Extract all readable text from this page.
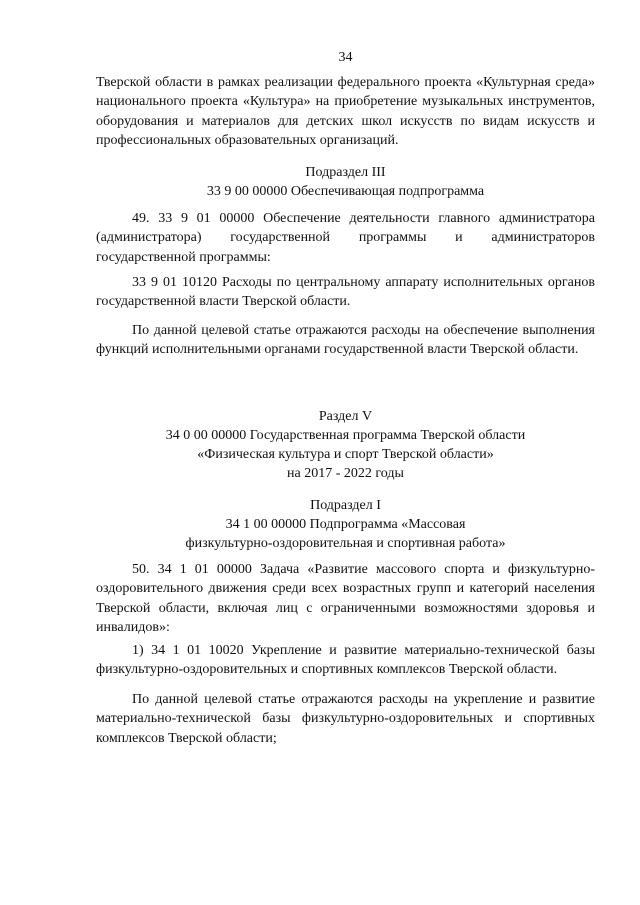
34

Тверской области в рамках реализации федерального проекта «Культурная среда» национального проекта «Культура» на приобретение музыкальных инструментов, оборудования и материалов для детских школ искусств по видам искусств и профессиональных образовательных организаций.

Подраздел III

33 9 00 00000 Обеспечивающая подпрограмма

49. 33 9 01 00000 Обеспечение деятельности главного администратора (администратора) государственной программы и администраторов государственной программы:

33 9 01 10120 Расходы по центральному аппарату исполнительных органов государственной власти Тверской области.

По данной целевой статье отражаются расходы на обеспечение выполнения функций исполнительными органами государственной власти Тверской области.

Раздел V

34 0 00 00000 Государственная программа Тверской области

«Физическая культура и спорт Тверской области»

на 2017 - 2022 годы

Подраздел I

34 1 00 00000 Подпрограмма «Массовая

физкультурно-оздоровительная и спортивная работа»

50. 34 1 01 00000 Задача «Развитие массового спорта и физкультурно-оздоровительного движения среди всех возрастных групп и категорий населения Тверской области, включая лиц с ограниченными возможностями здоровья и инвалидов»:

1) 34 1 01 10020 Укрепление и развитие материально-технической базы физкультурно-оздоровительных и спортивных комплексов Тверской области.

По данной целевой статье отражаются расходы на укрепление и развитие материально-технической базы физкультурно-оздоровительных и спортивных комплексов Тверской области;
